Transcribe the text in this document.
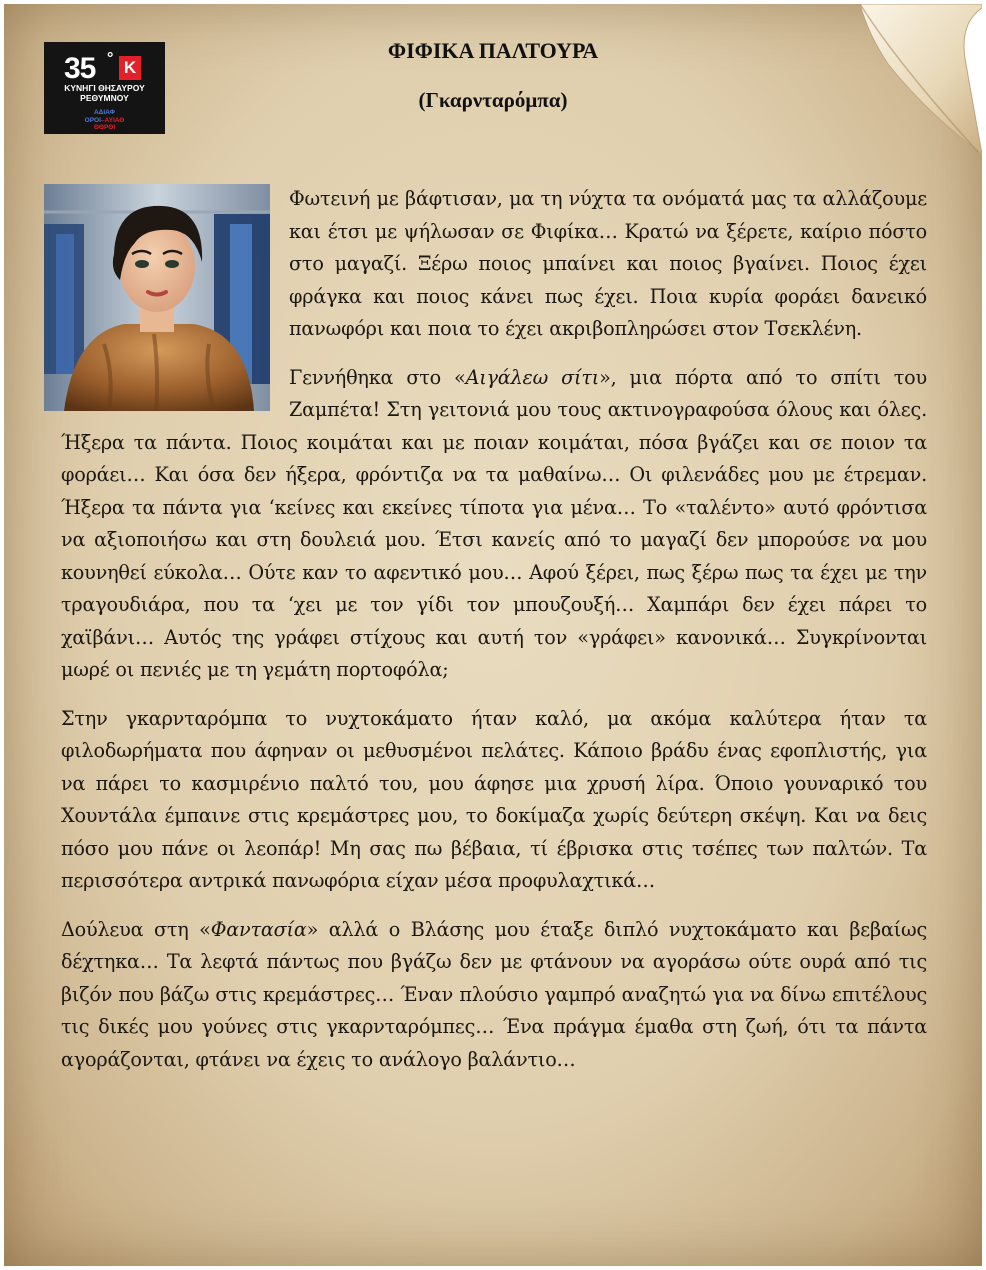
35 ° K
ΚΥΝΗΓΙ ΘΗΣΑΥΡΟΥ
ΡΕΘΥΜΝΟΥ
ΑΔΙΑΦ
ΟΡΟΙ–ΑΥΙΑΘ
ΘΘΡΘΙ
ΦΙΦΙΚΑ ΠΑΛΤΟΥΡΑ
(Γκαρνταρόμπα)

Φωτεινή με βάφτισαν, μα τη νύχτα τα ονόματά μας τα αλλάζουμε και έτσι με ψήλωσαν σε Φιφίκα… Κρατώ να ξέρετε, καίριο πόστο στο μαγαζί. Ξέρω ποιος μπαίνει και ποιος βγαίνει. Ποιος έχει φράγκα και ποιος κάνει πως έχει. Ποια κυρία φοράει δανεικό πανωφόρι και ποια το έχει ακριβοπληρώσει στον Τσεκλένη.

Γεννήθηκα στο «Αιγάλεω σίτι», μια πόρτα από το σπίτι του Ζαμπέτα! Στη γειτονιά μου τους ακτινογραφούσα όλους και όλες. Ήξερα τα πάντα. Ποιος κοιμάται και με ποιαν κοιμάται, πόσα βγάζει και σε ποιον τα φοράει… Και όσα δεν ήξερα, φρόντιζα να τα μαθαίνω… Οι φιλενάδες μου με έτρεμαν. Ήξερα τα πάντα για ‘κείνες και εκείνες τίποτα για μένα… Το «ταλέντο» αυτό φρόντισα να αξιοποιήσω και στη δουλειά μου. Έτσι κανείς από το μαγαζί δεν μπορούσε να μου κουνηθεί εύκολα… Ούτε καν το αφεντικό μου… Αφού ξέρει, πως ξέρω πως τα έχει με την τραγουδιάρα, που τα ‘χει με τον γίδι τον μπουζουξή… Χαμπάρι δεν έχει πάρει το χαϊβάνι… Αυτός της γράφει στίχους και αυτή τον «γράφει» κανονικά… Συγκρίνονται μωρέ οι πενιές με τη γεμάτη πορτοφόλα;

Στην γκαρνταρόμπα το νυχτοκάματο ήταν καλό, μα ακόμα καλύτερα ήταν τα φιλοδωρήματα που άφηναν οι μεθυσμένοι πελάτες. Κάποιο βράδυ ένας εφοπλιστής, για να πάρει το κασμιρένιο παλτό του, μου άφησε μια χρυσή λίρα. Όποιο γουναρικό του Χουντάλα έμπαινε στις κρεμάστρες μου, το δοκίμαζα χωρίς δεύτερη σκέψη. Και να δεις πόσο μου πάνε οι λεοπάρ! Μη σας πω βέβαια, τί έβρισκα στις τσέπες των παλτών. Τα περισσότερα αντρικά πανωφόρια είχαν μέσα προφυλαχτικά…

Δούλευα στη «Φαντασία» αλλά ο Βλάσης μου έταξε διπλό νυχτοκάματο και βεβαίως δέχτηκα… Τα λεφτά πάντως που βγάζω δεν με φτάνουν να αγοράσω ούτε ουρά από τις βιζόν που βάζω στις κρεμάστρες… Έναν πλούσιο γαμπρό αναζητώ για να δίνω επιτέλους τις δικές μου γούνες στις γκαρνταρόμπες… Ένα πράγμα έμαθα στη ζωή, ότι τα πάντα αγοράζονται, φτάνει να έχεις το ανάλογο βαλάντιο…
